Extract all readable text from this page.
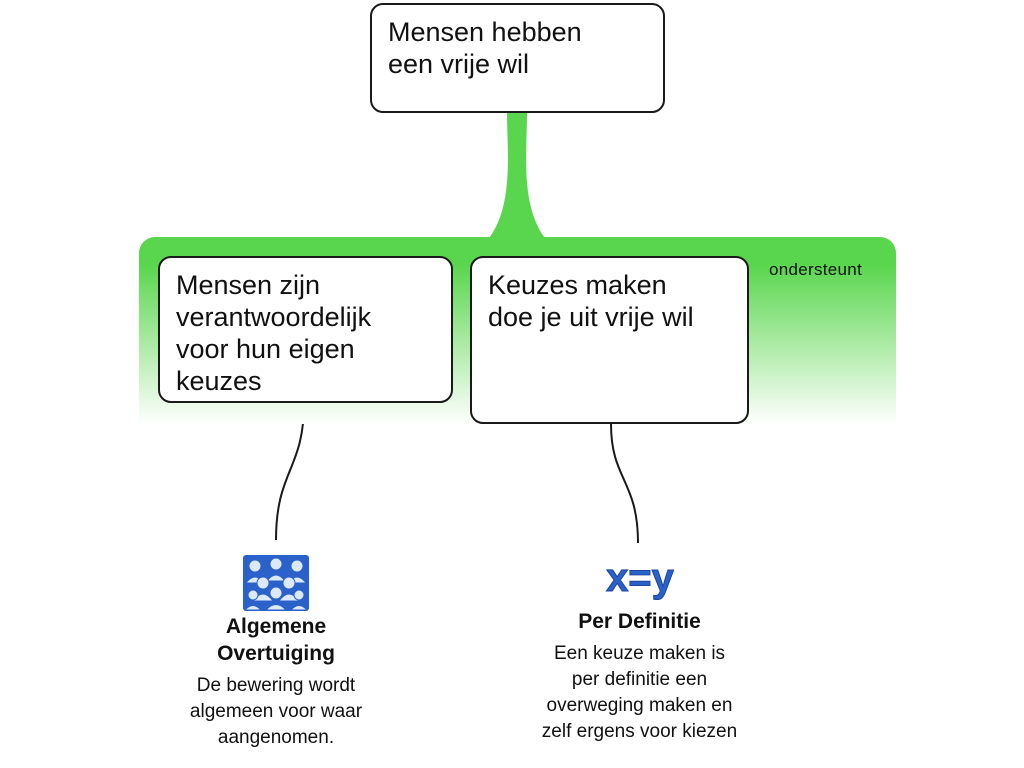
ondersteunt
Mensen hebben
een vrije wil
Mensen zijn
verantwoordelijk
voor hun eigen
keuzes
Keuzes maken
doe je uit vrije wil
Algemene
Overtuiging
De bewering wordt
algemeen voor waar
aangenomen.
x=y
Per Definitie
Een keuze maken is
per definitie een
overweging maken en
zelf ergens voor kiezen
